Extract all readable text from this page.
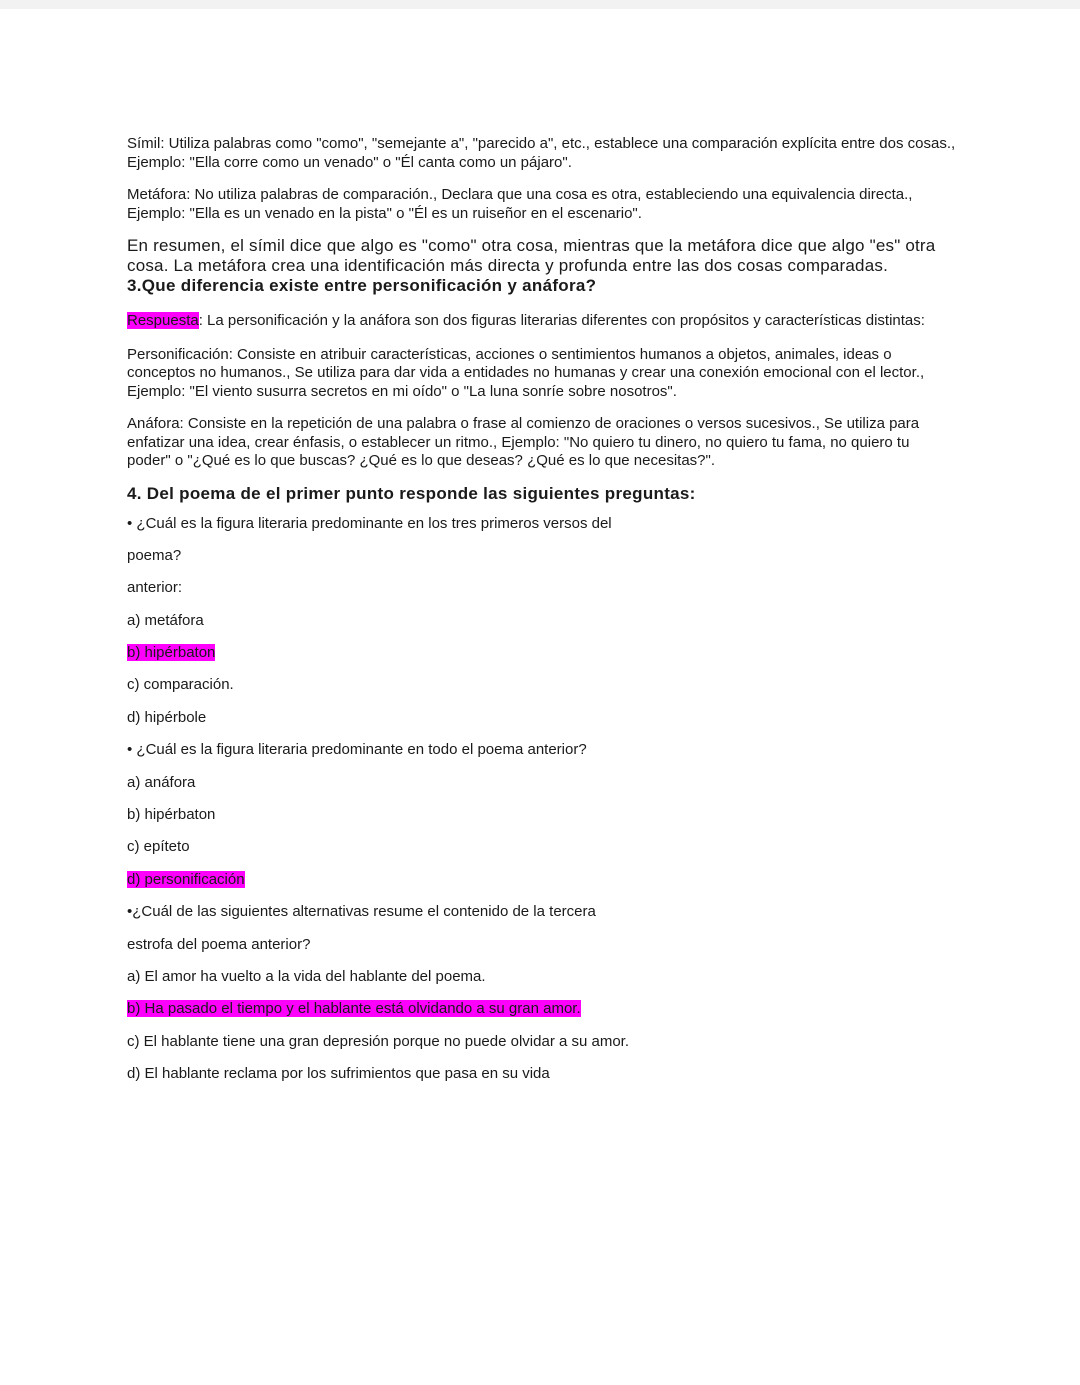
Símil: Utiliza palabras como "como", "semejante a", "parecido a", etc., establece una comparación explícita entre dos cosas., Ejemplo: "Ella corre como un venado" o "Él canta como un pájaro".

Metáfora: No utiliza palabras de comparación., Declara que una cosa es otra, estableciendo una equivalencia directa., Ejemplo: "Ella es un venado en la pista" o "Él es un ruiseñor en el escenario".

En resumen, el símil dice que algo es "como" otra cosa, mientras que la metáfora dice que algo "es" otra cosa. La metáfora crea una identificación más directa y profunda entre las dos cosas comparadas.

3.Que diferencia existe entre personificación y anáfora?

Respuesta: La personificación y la anáfora son dos figuras literarias diferentes con propósitos y características distintas:

Personificación: Consiste en atribuir características, acciones o sentimientos humanos a objetos, animales, ideas o conceptos no humanos., Se utiliza para dar vida a entidades no humanas y crear una conexión emocional con el lector., Ejemplo: "El viento susurra secretos en mi oído" o "La luna sonríe sobre nosotros".

Anáfora: Consiste en la repetición de una palabra o frase al comienzo de oraciones o versos sucesivos., Se utiliza para enfatizar una idea, crear énfasis, o establecer un ritmo., Ejemplo: "No quiero tu dinero, no quiero tu fama, no quiero tu poder" o "¿Qué es lo que buscas? ¿Qué es lo que deseas? ¿Qué es lo que necesitas?".

4. Del poema de el primer punto responde las siguientes preguntas:

• ¿Cuál es la figura literaria predominante en los tres primeros versos del
poema?
anterior:
a) metáfora
b) hipérbaton
c) comparación.
d) hipérbole
• ¿Cuál es la figura literaria predominante en todo el poema anterior?
a) anáfora
b) hipérbaton
c) epíteto
d) personificación
•¿Cuál de las siguientes alternativas resume el contenido de la tercera
estrofa del poema anterior?
a) El amor ha vuelto a la vida del hablante del poema.
b) Ha pasado el tiempo y el hablante está olvidando a su gran amor.
c) El hablante tiene una gran depresión porque no puede olvidar a su amor.
d) El hablante reclama por los sufrimientos que pasa en su vida
